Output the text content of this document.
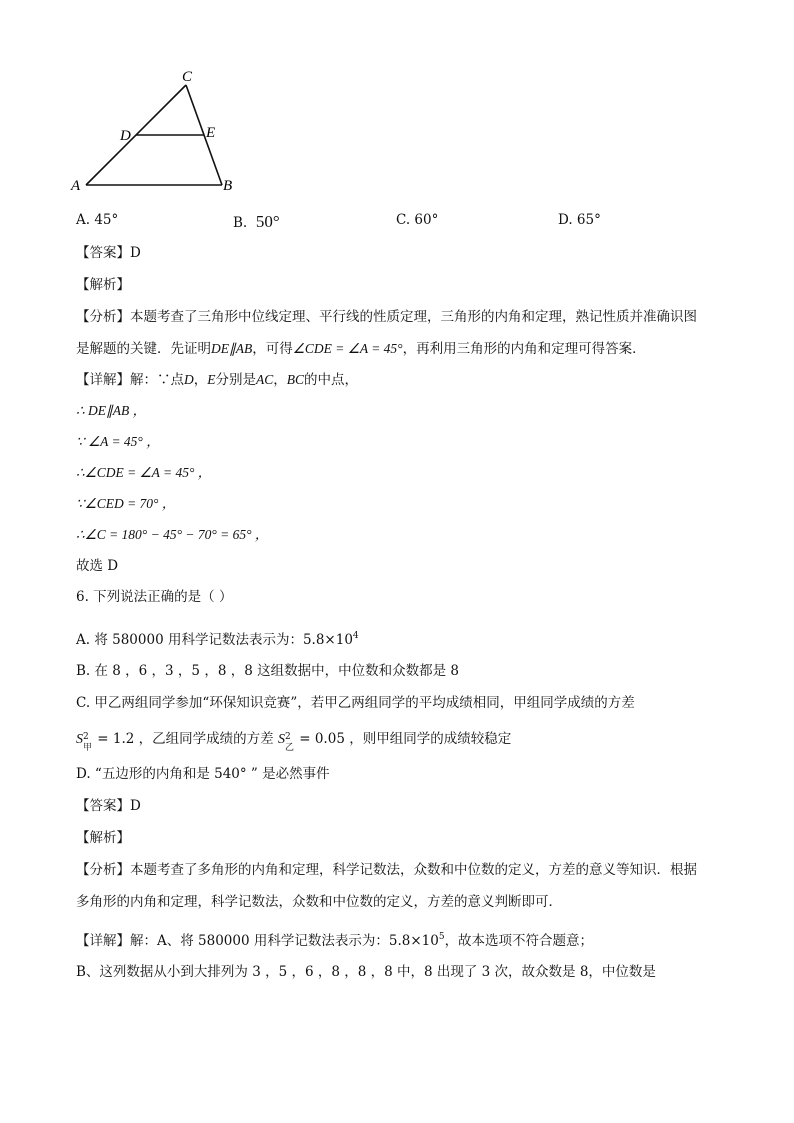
C
D	E
A	B
A. 45°	B. 50°	C. 60°	D. 65°
【答案】D
【解析】
【分析】本题考查了三角形中位线定理、平行线的性质定理，三角形的内角和定理，熟记性质并准确识图
是解题的关键．先证明DE∥AB，可得∠CDE = ∠A = 45°，再利用三角形的内角和定理可得答案．
【详解】解：∵点D，E分别是AC，BC的中点，
∴ DE∥AB ，
∵ ∠A = 45° ，
∴∠CDE = ∠A = 45° ，
∵∠CED = 70° ，
∴∠C = 180° − 45° − 70° = 65° ，
故选 D
6. 下列说法正确的是（ ）
A. 将 580000 用科学记数法表示为：$5.8\times 10^4$
B. 在 8 ，6 ，3 ，5 ，8 ，8 这组数据中，中位数和众数都是 8
C. 甲乙两组同学参加“环保知识竞赛”，若甲乙两组同学的平均成绩相同，甲组同学成绩的方差
S 2
甲
= 1.2 ，乙组同学成绩的方差 S 2
乙
= 0.05 ，则甲组同学的成绩较稳定
D. “五边形的内角和是 540° ” 是必然事件
【答案】D
【解析】
【分析】本题考查了多角形的内角和定理，科学记数法，众数和中位数的定义，方差的意义等知识．根据
多角形的内角和定理，科学记数法，众数和中位数的定义，方差的意义判断即可．
【详解】解：A、将 580000 用科学记数法表示为：$5.8\times 10^5$，故本选项不符合题意；
B、这列数据从小到大排列为 3 ，5 ，6 ，8 ，8 ，8 中，8 出现了 3 次，故众数是 8，中位数是
